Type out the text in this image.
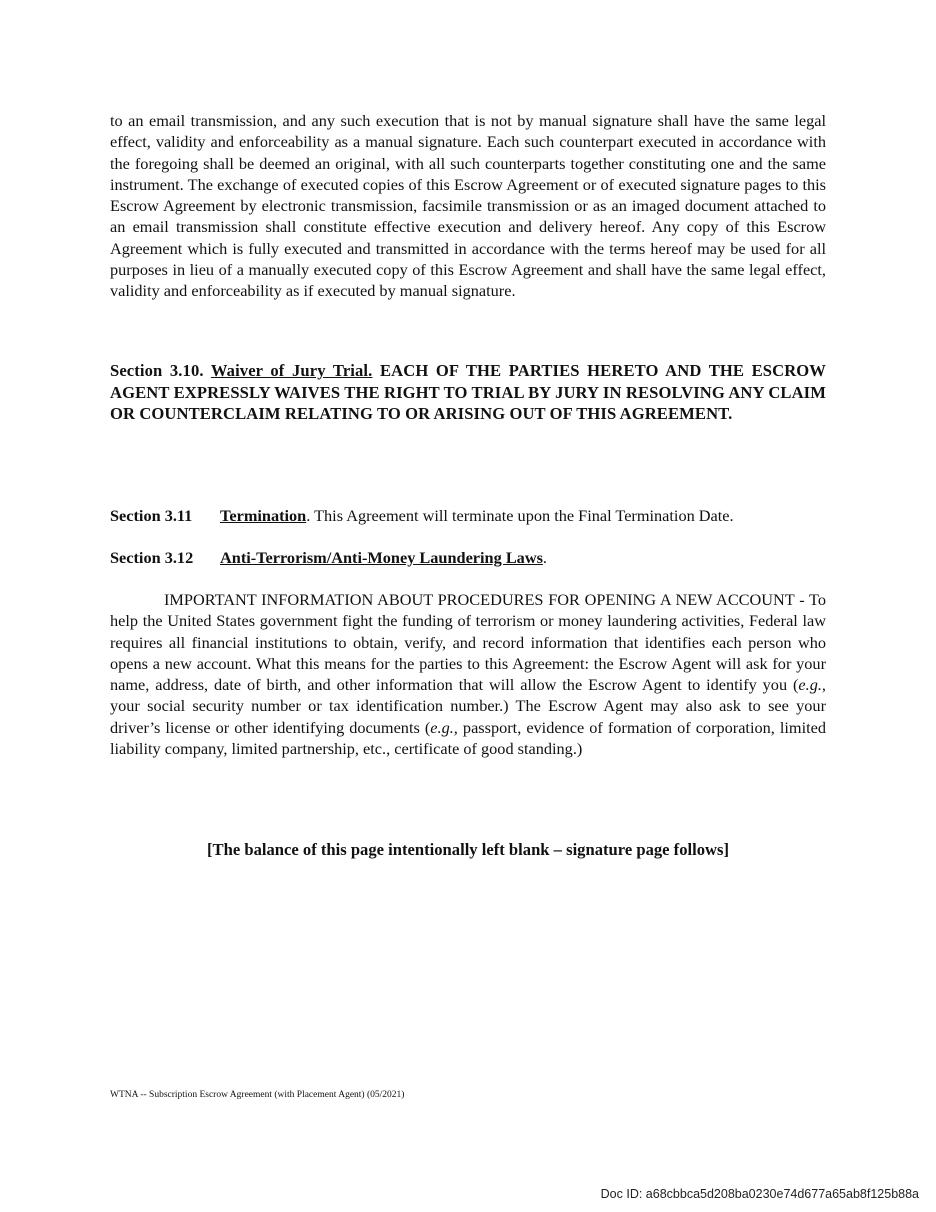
to an email transmission, and any such execution that is not by manual signature shall have the same legal effect, validity and enforceability as a manual signature. Each such counterpart executed in accordance with the foregoing shall be deemed an original, with all such counterparts together constituting one and the same instrument. The exchange of executed copies of this Escrow Agreement or of executed signature pages to this Escrow Agreement by electronic transmission, facsimile transmission or as an imaged document attached to an email transmission shall constitute effective execution and delivery hereof. Any copy of this Escrow Agreement which is fully executed and transmitted in accordance with the terms hereof may be used for all purposes in lieu of a manually executed copy of this Escrow Agreement and shall have the same legal effect, validity and enforceability as if executed by manual signature.

Section 3.10. Waiver of Jury Trial. EACH OF THE PARTIES HERETO AND THE ESCROW AGENT EXPRESSLY WAIVES THE RIGHT TO TRIAL BY JURY IN RESOLVING ANY CLAIM OR COUNTERCLAIM RELATING TO OR ARISING OUT OF THIS AGREEMENT.

Section 3.11 Termination. This Agreement will terminate upon the Final Termination Date.

Section 3.12 Anti-Terrorism/Anti-Money Laundering Laws.

IMPORTANT INFORMATION ABOUT PROCEDURES FOR OPENING A NEW ACCOUNT - To help the United States government fight the funding of terrorism or money laundering activities, Federal law requires all financial institutions to obtain, verify, and record information that identifies each person who opens a new account. What this means for the parties to this Agreement: the Escrow Agent will ask for your name, address, date of birth, and other information that will allow the Escrow Agent to identify you (e.g., your social security number or tax identification number.) The Escrow Agent may also ask to see your driver’s license or other identifying documents (e.g., passport, evidence of formation of corporation, limited liability company, limited partnership, etc., certificate of good standing.)

[The balance of this page intentionally left blank – signature page follows]
WTNA -- Subscription Escrow Agreement (with Placement Agent) (05/2021)
Doc ID: a68cbbca5d208ba0230e74d677a65ab8f125b88a
